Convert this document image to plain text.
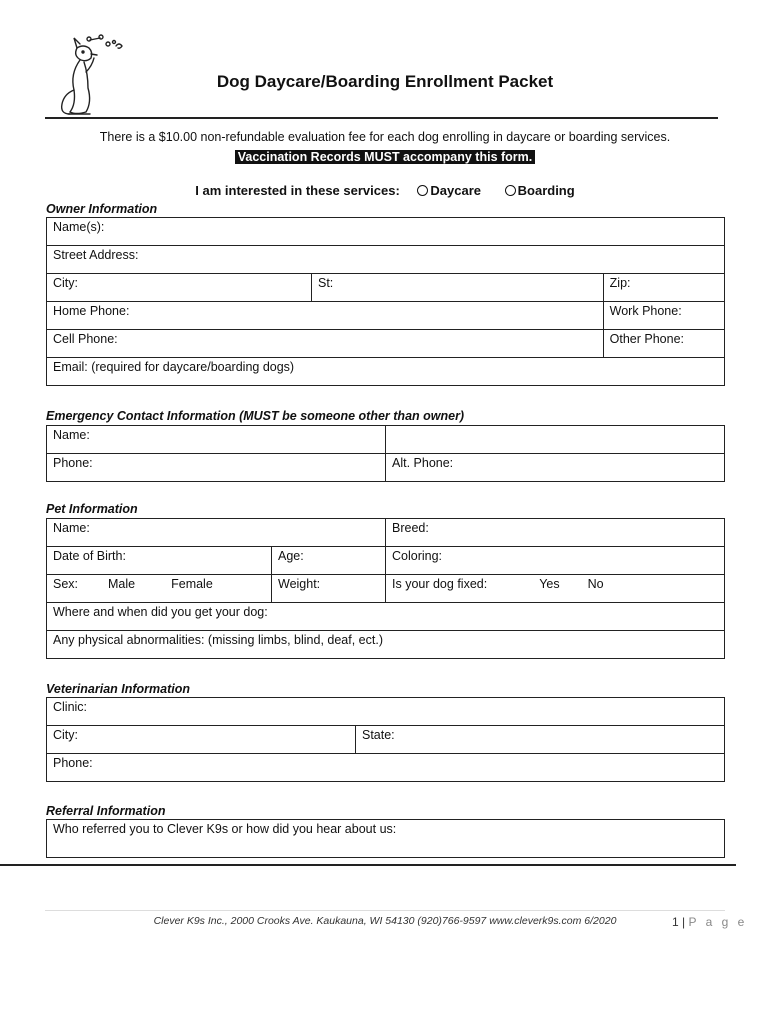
Dog Daycare/Boarding Enrollment Packet
There is a $10.00 non-refundable evaluation fee for each dog enrolling in daycare or boarding services.
Vaccination Records MUST accompany this form.
I am interested in these services: Daycare	Boarding
Owner Information
Name(s):		
Street Address:		
City:	St:	Zip:
Home Phone:		Work Phone:
Cell Phone:		Other Phone:
Email: (required for daycare/boarding dogs)		
Emergency Contact Information (MUST be someone other than owner)
Name:	
Phone:	Alt. Phone:
Pet Information
Name:		Breed:
Date of Birth:	Age:	Coloring:
Sex: Male Female	Weight:	Is your dog fixed: Yes No
Where and when did you get your dog:		
Any physical abnormalities: (missing limbs, blind, deaf, ect.)		
Veterinarian Information
Clinic:
City:	State:
Phone:
Referral Information
Who referred you to Clever K9s or how did you hear about us:
Clever K9s Inc., 2000 Crooks Ave. Kaukauna, WI 54130 (920)766-9597 www.cleverk9s.com 6/2020	1 | P a g e
